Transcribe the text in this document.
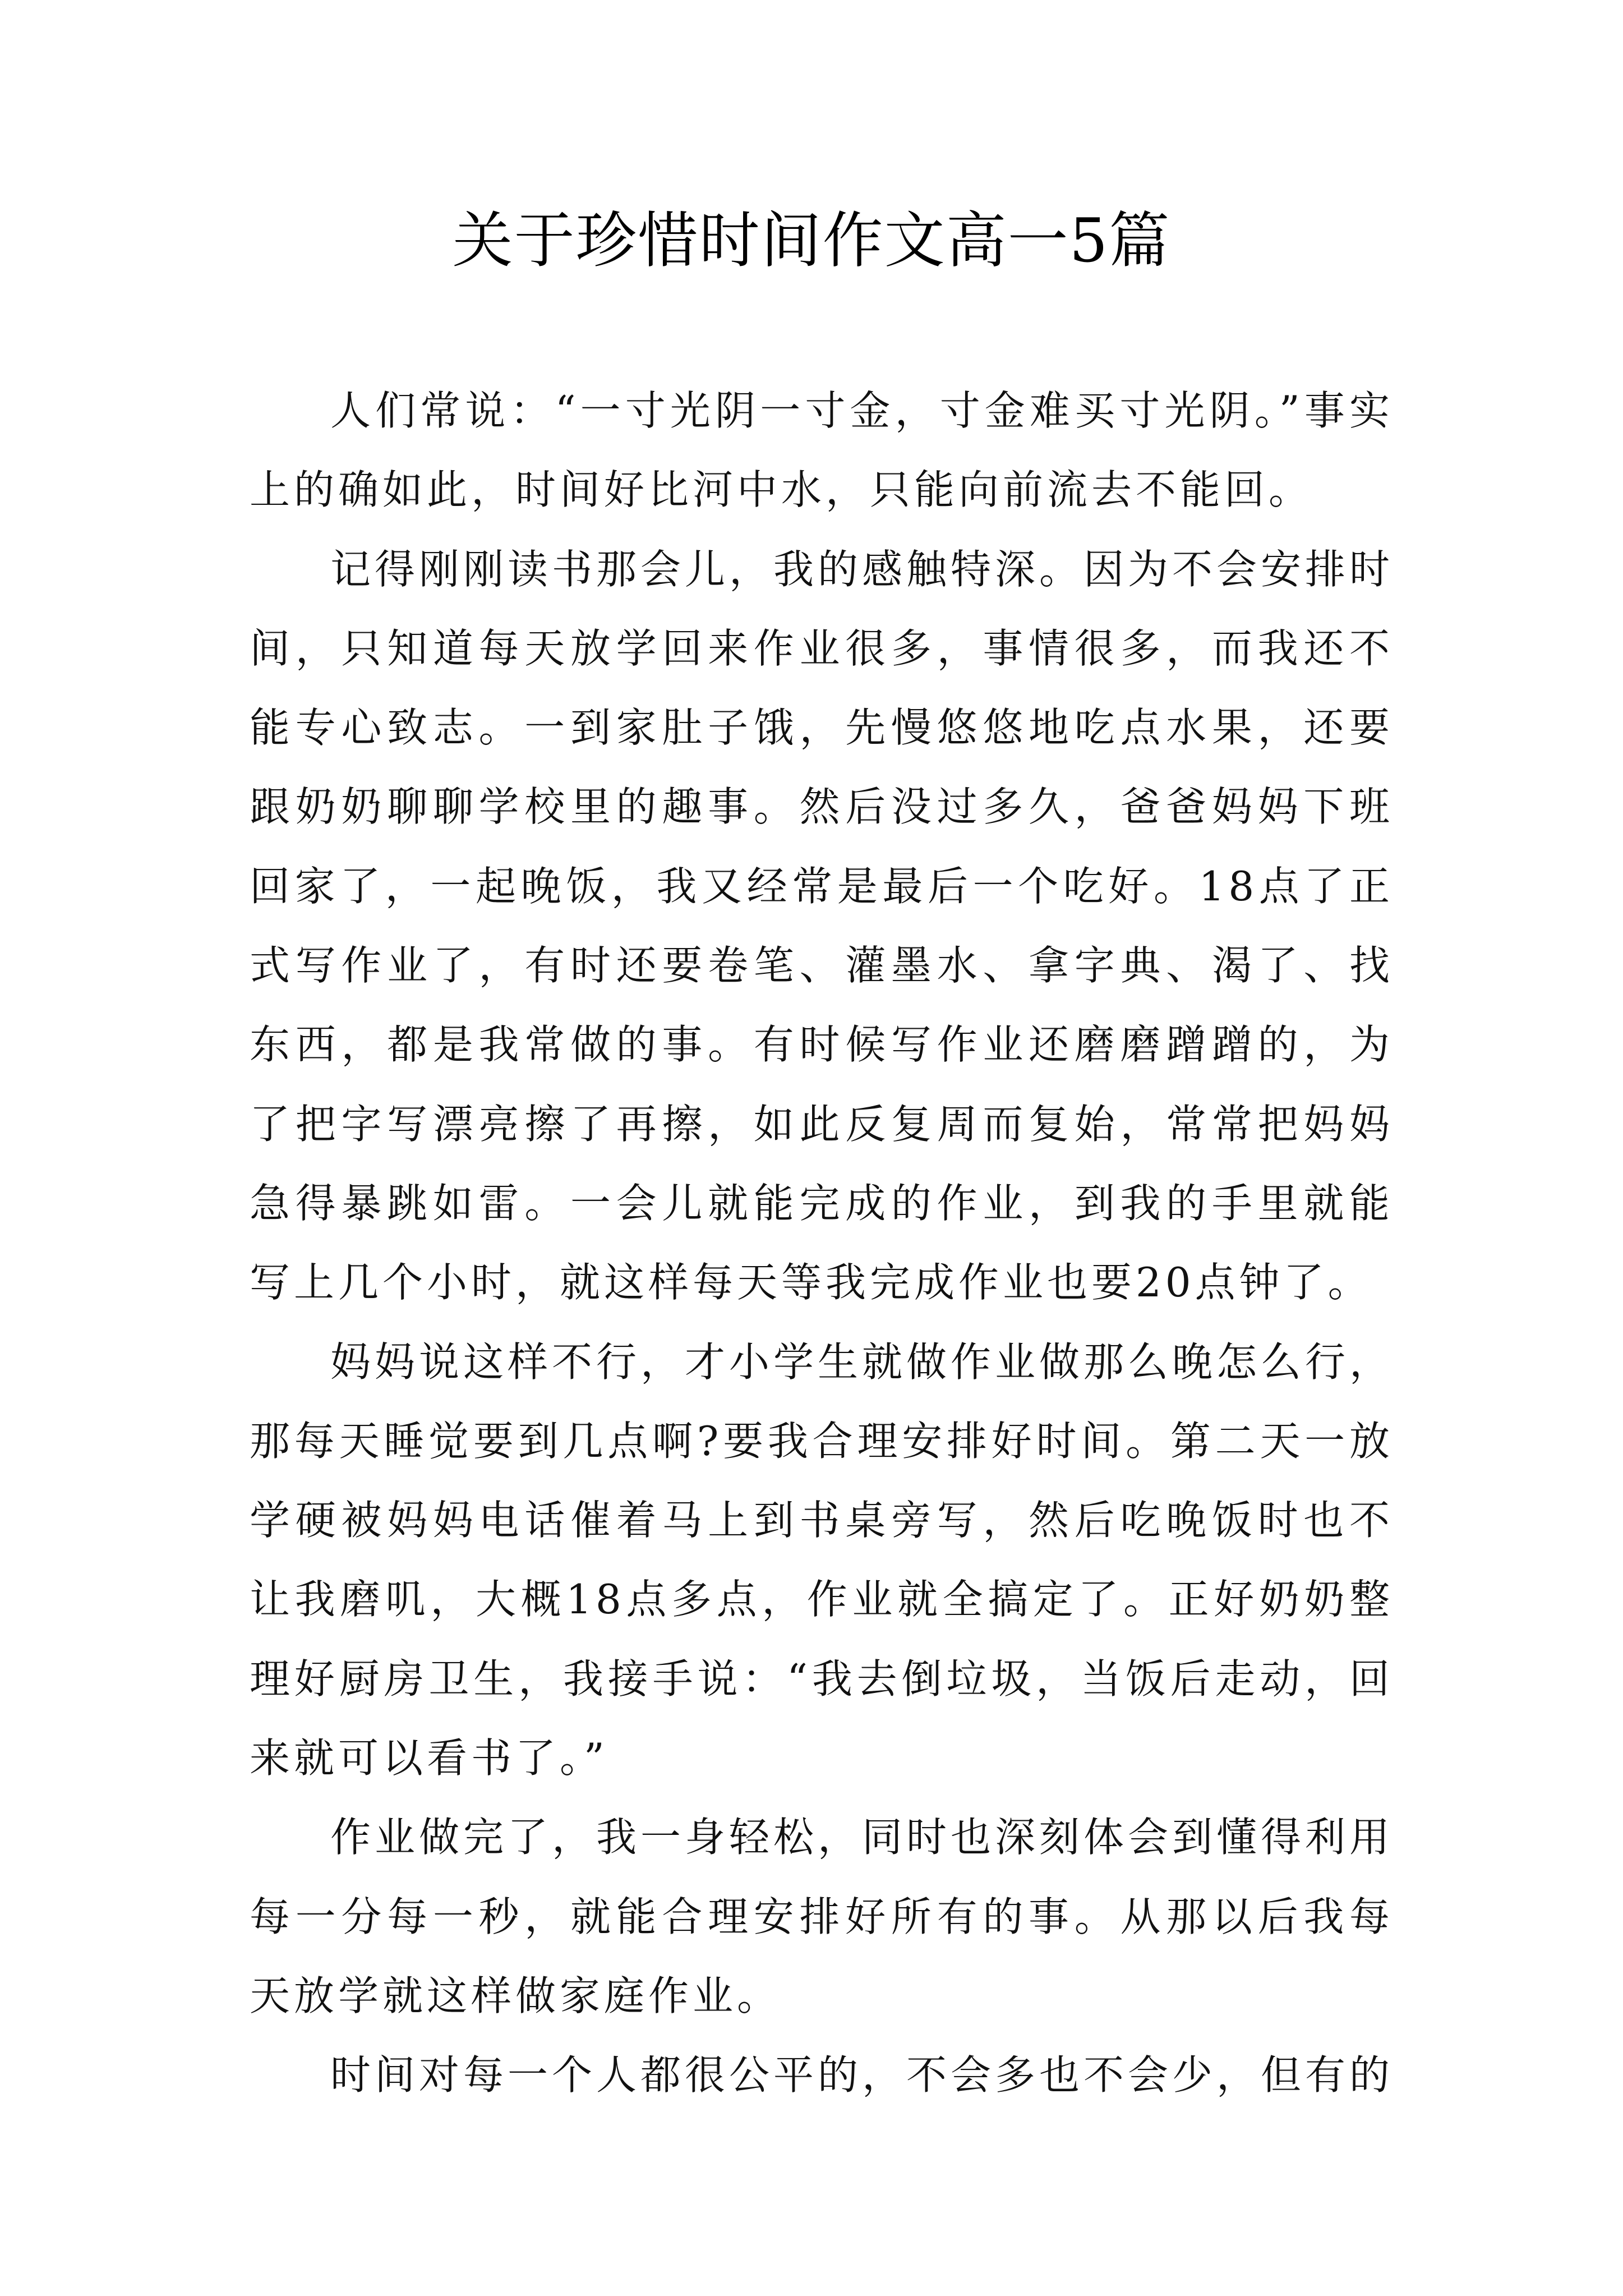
关于珍惜时间作文高一5篇

人们常说：“一寸光阴一寸金，寸金难买寸光阴。”事实上的确如此，时间好比河中水，只能向前流去不能回。

记得刚刚读书那会儿，我的感触特深。因为不会安排时间，只知道每天放学回来作业很多，事情很多，而我还不能专心致志。一到家肚子饿，先慢悠悠地吃点水果，还要跟奶奶聊聊学校里的趣事。然后没过多久，爸爸妈妈下班回家了，一起晚饭，我又经常是最后一个吃好。18点了正式写作业了，有时还要卷笔、灌墨水、拿字典、渴了、找东西，都是我常做的事。有时候写作业还磨磨蹭蹭的，为了把字写漂亮擦了再擦，如此反复周而复始，常常把妈妈急得暴跳如雷。一会儿就能完成的作业，到我的手里就能写上几个小时，就这样每天等我完成作业也要20点钟了。

妈妈说这样不行，才小学生就做作业做那么晚怎么行，那每天睡觉要到几点啊?要我合理安排好时间。第二天一放学硬被妈妈电话催着马上到书桌旁写，然后吃晚饭时也不让我磨叽，大概18点多点，作业就全搞定了。正好奶奶整理好厨房卫生，我接手说：“我去倒垃圾，当饭后走动，回来就可以看书了。”

作业做完了，我一身轻松，同时也深刻体会到懂得利用每一分每一秒，就能合理安排好所有的事。从那以后我每天放学就这样做家庭作业。

时间对每一个人都很公平的，不会多也不会少，但有的
